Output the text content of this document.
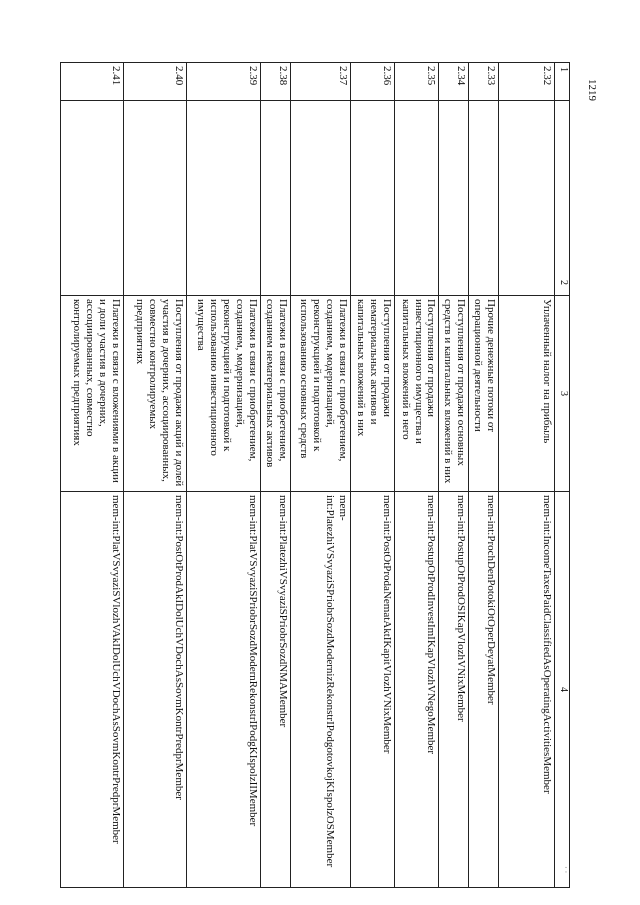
1219
· ·
1	2	3	4
2.32		Уплаченный налог на прибыль	mem-int:IncomeTaxesPaidClassifiedAsOperatingActivitiesMember
2.33		Прочие денежные потоки от операционной деятельности	mem-int:ProchDenPotokiOtOperDeyatMember
2.34		Поступления от продажи основных средств и капитальных вложений в них	mem-int:PostupOtProdOSIKapVlozhVNixMember
2.35		Поступления от продажи инвестиционного имущества и капитальных вложений в него	mem-int:PostupOtProdInvestImIKapVlozhVNegoMember
2.36		Поступления от продажи нематериальных активов и капитальных вложений в них	mem-int:PostOtProdaNematAktIKapitVlozhVNixMember
2.37		Платежи в связи с приобретением, созданием, модернизацией, реконструкцией и подготовкой к использованию основных средств	mem-int:PlatezhiVSvyaziSPriobrSozdModernizRekonstrIPodgotovkojKIspolzOSMember
2.38		Платежи в связи с приобретением, созданием нематериальных активов	mem-int:PlatezhiVSvyaziSPriobrSozdNMAMember
2.39		Платежи в связи с приобретением, созданием, модернизацией, реконструкцией и подготовкой к использованию инвестиционного имущества	mem-int:PlatVSvyaziSPriobrSozdModernRekonstrIPodgKIspolzIIMember
2.40		Поступления от продажи акций и долей участия в дочерних, ассоциированных, совместно контролируемых предприятиях	mem-int:PostOtProdAkIDolUchVDochAsSovmKontrPredprMember
2.41		Платежи в связи с вложениями в акции и доли участия в дочерних, ассоциированных, совместно контролируемых предприятиях	mem-int:PlatVSvyaziSVlozhVAkIDolUchVDochAsSovmKontrPredprMember
